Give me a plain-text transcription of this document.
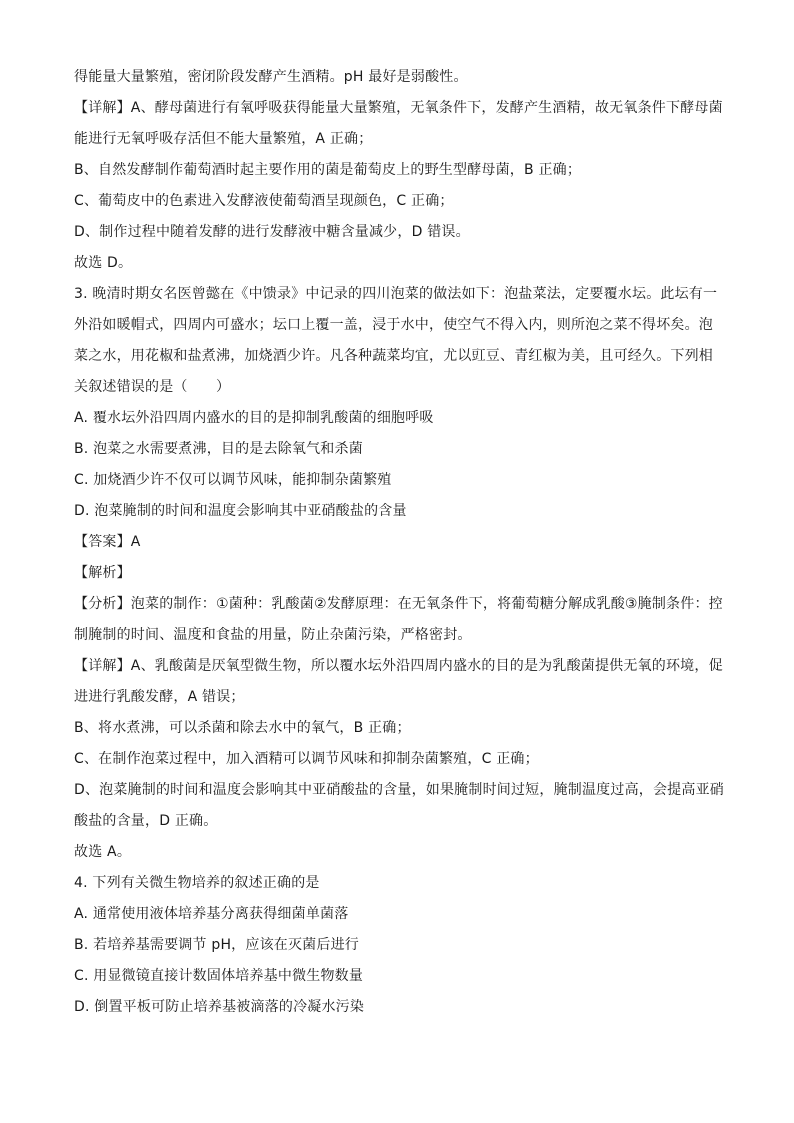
得能量大量繁殖，密闭阶段发酵产生酒精。pH 最好是弱酸性。

【详解】A、酵母菌进行有氧呼吸获得能量大量繁殖，无氧条件下，发酵产生酒精，故无氧条件下酵母菌能进行无氧呼吸存活但不能大量繁殖，A 正确；

B、自然发酵制作葡萄酒时起主要作用的菌是葡萄皮上的野生型酵母菌，B 正确；

C、葡萄皮中的色素进入发酵液使葡萄酒呈现颜色，C 正确；

D、制作过程中随着发酵的进行发酵液中糖含量减少，D 错误。

故选 D。

3. 晚清时期女名医曾懿在《中馈录》中记录的四川泡菜的做法如下：泡盐菜法，定要覆水坛。此坛有一外沿如暖帽式，四周内可盛水；坛口上覆一盖，浸于水中，使空气不得入内，则所泡之菜不得坏矣。泡菜之水，用花椒和盐煮沸，加烧酒少许。凡各种蔬菜均宜，尤以豇豆、青红椒为美，且可经久。下列相关叙述错误的是（　　）

A. 覆水坛外沿四周内盛水的目的是抑制乳酸菌的细胞呼吸

B. 泡菜之水需要煮沸，目的是去除氧气和杀菌

C. 加烧酒少许不仅可以调节风味，能抑制杂菌繁殖

D. 泡菜腌制的时间和温度会影响其中亚硝酸盐的含量

【答案】A

【解析】

【分析】泡菜的制作：①菌种：乳酸菌②发酵原理：在无氧条件下，将葡萄糖分解成乳酸③腌制条件：控制腌制的时间、温度和食盐的用量，防止杂菌污染，严格密封。

【详解】A、乳酸菌是厌氧型微生物，所以覆水坛外沿四周内盛水的目的是为乳酸菌提供无氧的环境，促进进行乳酸发酵，A 错误；

B、将水煮沸，可以杀菌和除去水中的氧气，B 正确；

C、在制作泡菜过程中，加入酒精可以调节风味和抑制杂菌繁殖，C 正确；

D、泡菜腌制的时间和温度会影响其中亚硝酸盐的含量，如果腌制时间过短，腌制温度过高，会提高亚硝酸盐的含量，D 正确。

故选 A。

4. 下列有关微生物培养的叙述正确的是

A. 通常使用液体培养基分离获得细菌单菌落

B. 若培养基需要调节 pH，应该在灭菌后进行

C. 用显微镜直接计数固体培养基中微生物数量

D. 倒置平板可防止培养基被滴落的冷凝水污染
